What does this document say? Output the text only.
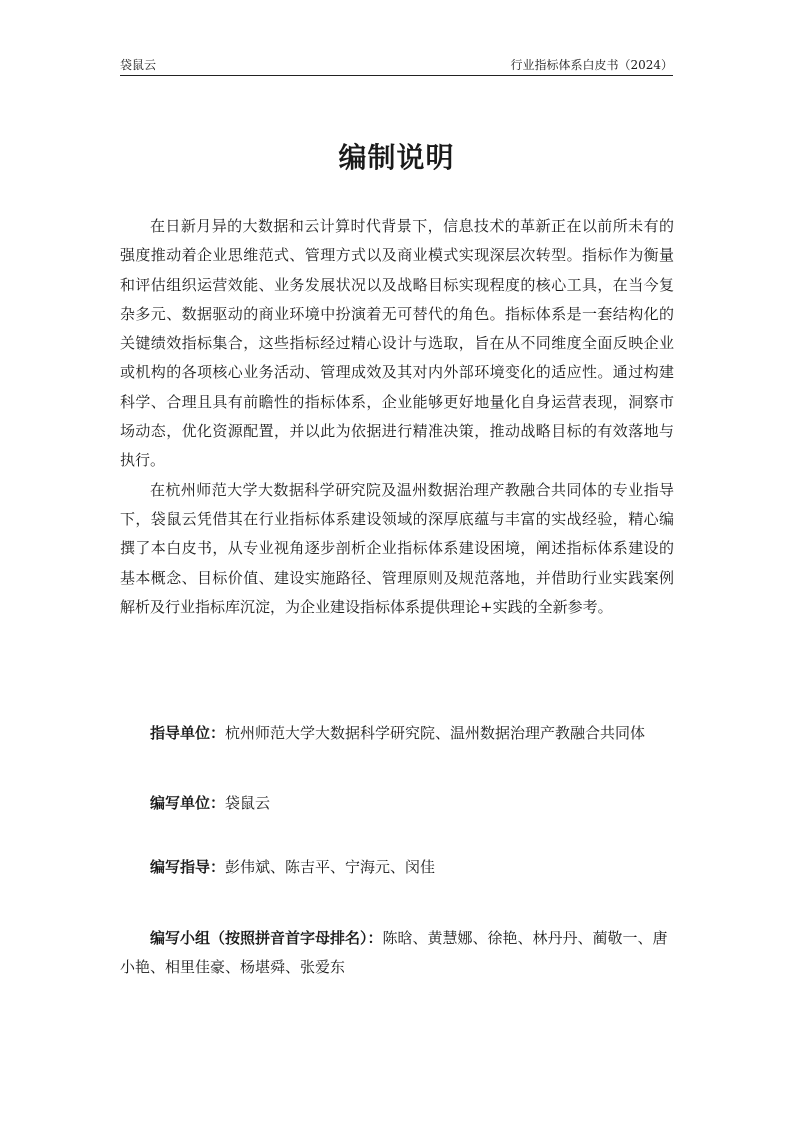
袋鼠云	行业指标体系白皮书（2024）
编制说明

在日新月异的大数据和云计算时代背景下，信息技术的革新正在以前所未有的强度推动着企业思维范式、管理方式以及商业模式实现深层次转型。指标作为衡量和评估组织运营效能、业务发展状况以及战略目标实现程度的核心工具，在当今复杂多元、数据驱动的商业环境中扮演着无可替代的角色。指标体系是一套结构化的关键绩效指标集合，这些指标经过精心设计与选取，旨在从不同维度全面反映企业或机构的各项核心业务活动、管理成效及其对内外部环境变化的适应性。通过构建科学、合理且具有前瞻性的指标体系，企业能够更好地量化自身运营表现，洞察市场动态，优化资源配置，并以此为依据进行精准决策，推动战略目标的有效落地与执行。

在杭州师范大学大数据科学研究院及温州数据治理产教融合共同体的专业指导下，袋鼠云凭借其在行业指标体系建设领域的深厚底蕴与丰富的实战经验，精心编撰了本白皮书，从专业视角逐步剖析企业指标体系建设困境，阐述指标体系建设的基本概念、目标价值、建设实施路径、管理原则及规范落地，并借助行业实践案例解析及行业指标库沉淀，为企业建设指标体系提供理论+实践的全新参考。

指导单位：杭州师范大学大数据科学研究院、温州数据治理产教融合共同体
编写单位：袋鼠云
编写指导：彭伟斌、陈吉平、宁海元、闵佳
编写小组（按照拼音首字母排名）：陈晗、黄慧娜、徐艳、林丹丹、蔺敬一、唐小艳、相里佳豪、杨堪舜、张爱东
